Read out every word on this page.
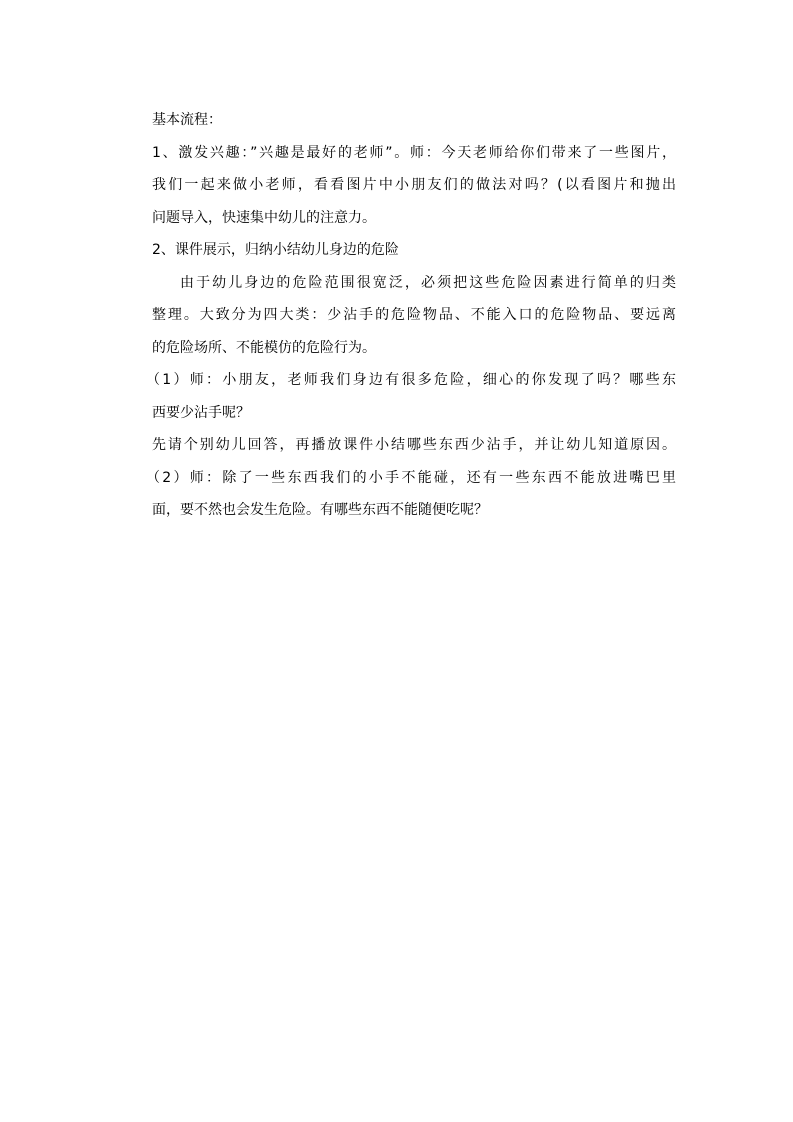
基本流程：
1、激发兴趣：”兴趣是最好的老师”。师：今天老师给你们带来了一些图片，
我们一起来做小老师，看看图片中小朋友们的做法对吗？(以看图片和抛出
问题导入，快速集中幼儿的注意力。
2、课件展示，归纳小结幼儿身边的危险
由于幼儿身边的危险范围很宽泛，必须把这些危险因素进行简单的归类
整理。大致分为四大类：少沾手的危险物品、不能入口的危险物品、要远离
的危险场所、不能模仿的危险行为。
（1）师：小朋友，老师我们身边有很多危险，细心的你发现了吗？哪些东
西要少沾手呢？
先请个别幼儿回答，再播放课件小结哪些东西少沾手，并让幼儿知道原因。
（2）师：除了一些东西我们的小手不能碰，还有一些东西不能放进嘴巴里
面，要不然也会发生危险。有哪些东西不能随便吃呢？
